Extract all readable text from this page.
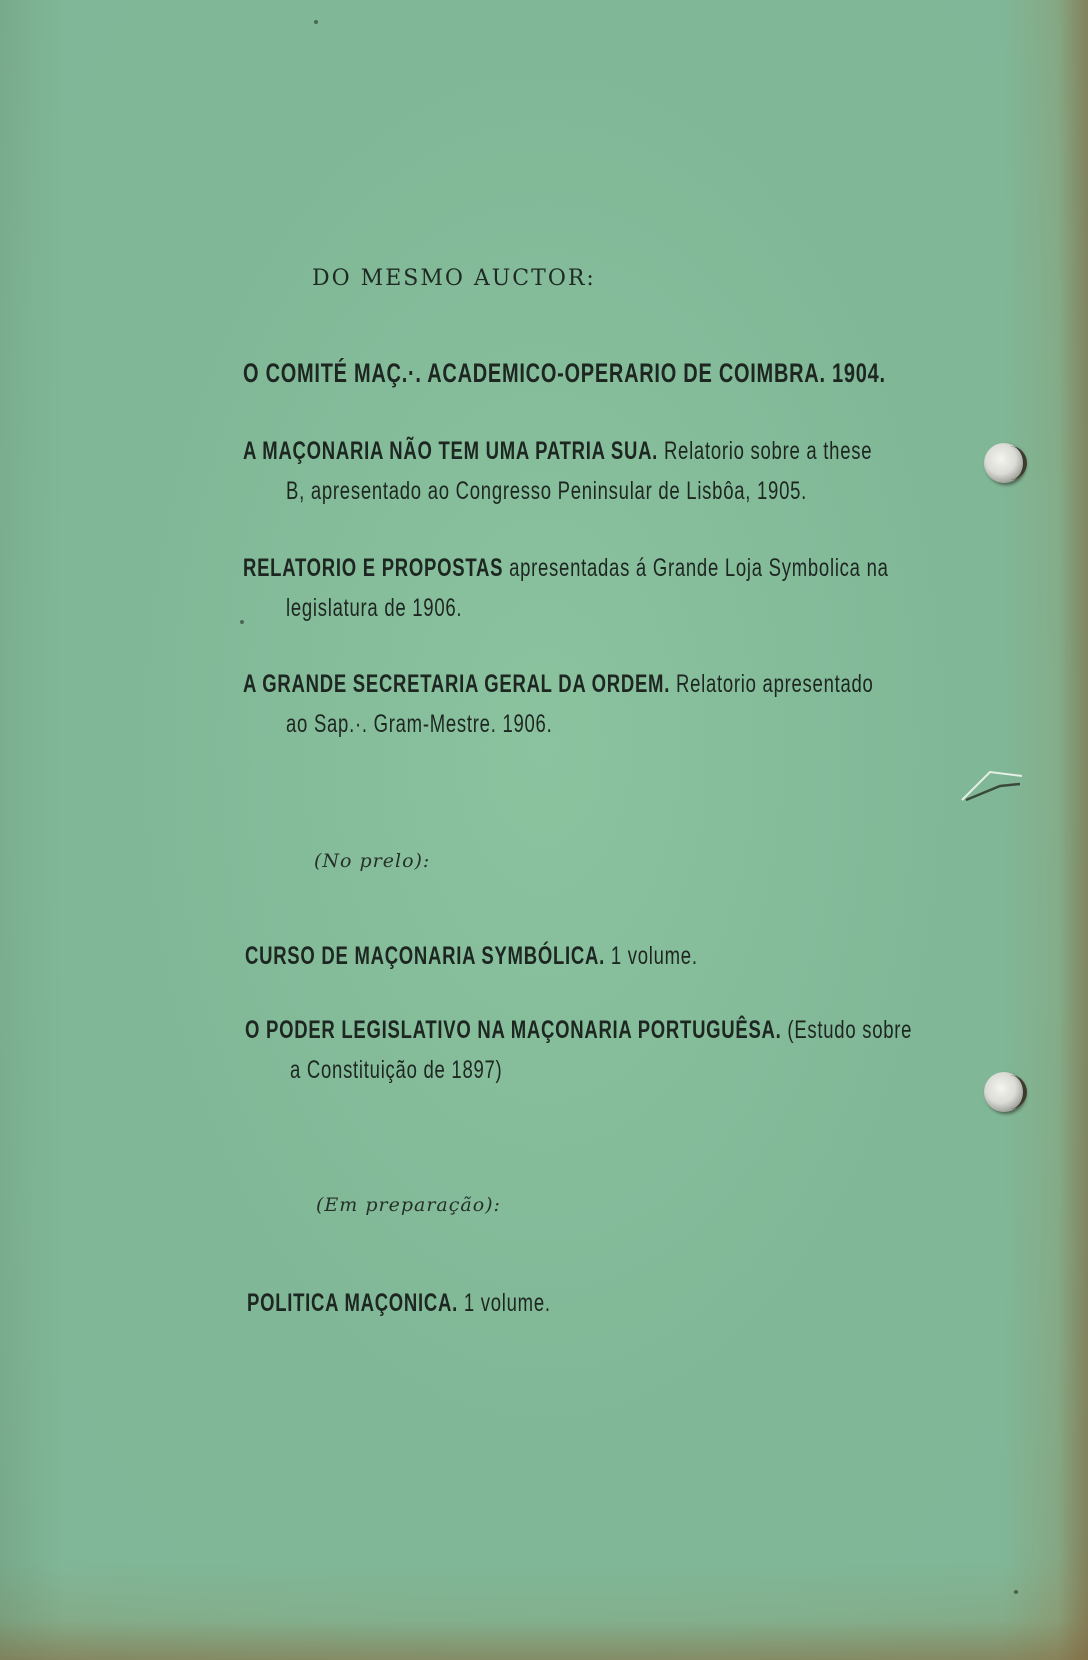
DO MESMO AUCTOR:
O COMITÉ MAÇ.·. ACADEMICO-OPERARIO DE COIMBRA. 1904.
A MAÇONARIA NÃO TEM UMA PATRIA SUA. Relatorio sobre a these
B, apresentado ao Congresso Peninsular de Lisbôa, 1905.
RELATORIO E PROPOSTAS apresentadas á Grande Loja Symbolica na
legislatura de 1906.
A GRANDE SECRETARIA GERAL DA ORDEM. Relatorio apresentado
ao Sap.·. Gram-Mestre. 1906.
(No prelo):
CURSO DE MAÇONARIA SYMBÓLICA. 1 volume.
O PODER LEGISLATIVO NA MAÇONARIA PORTUGUÊSA. (Estudo sobre
a Constituição de 1897)
(Em preparação):
POLITICA MAÇONICA. 1 volume.
